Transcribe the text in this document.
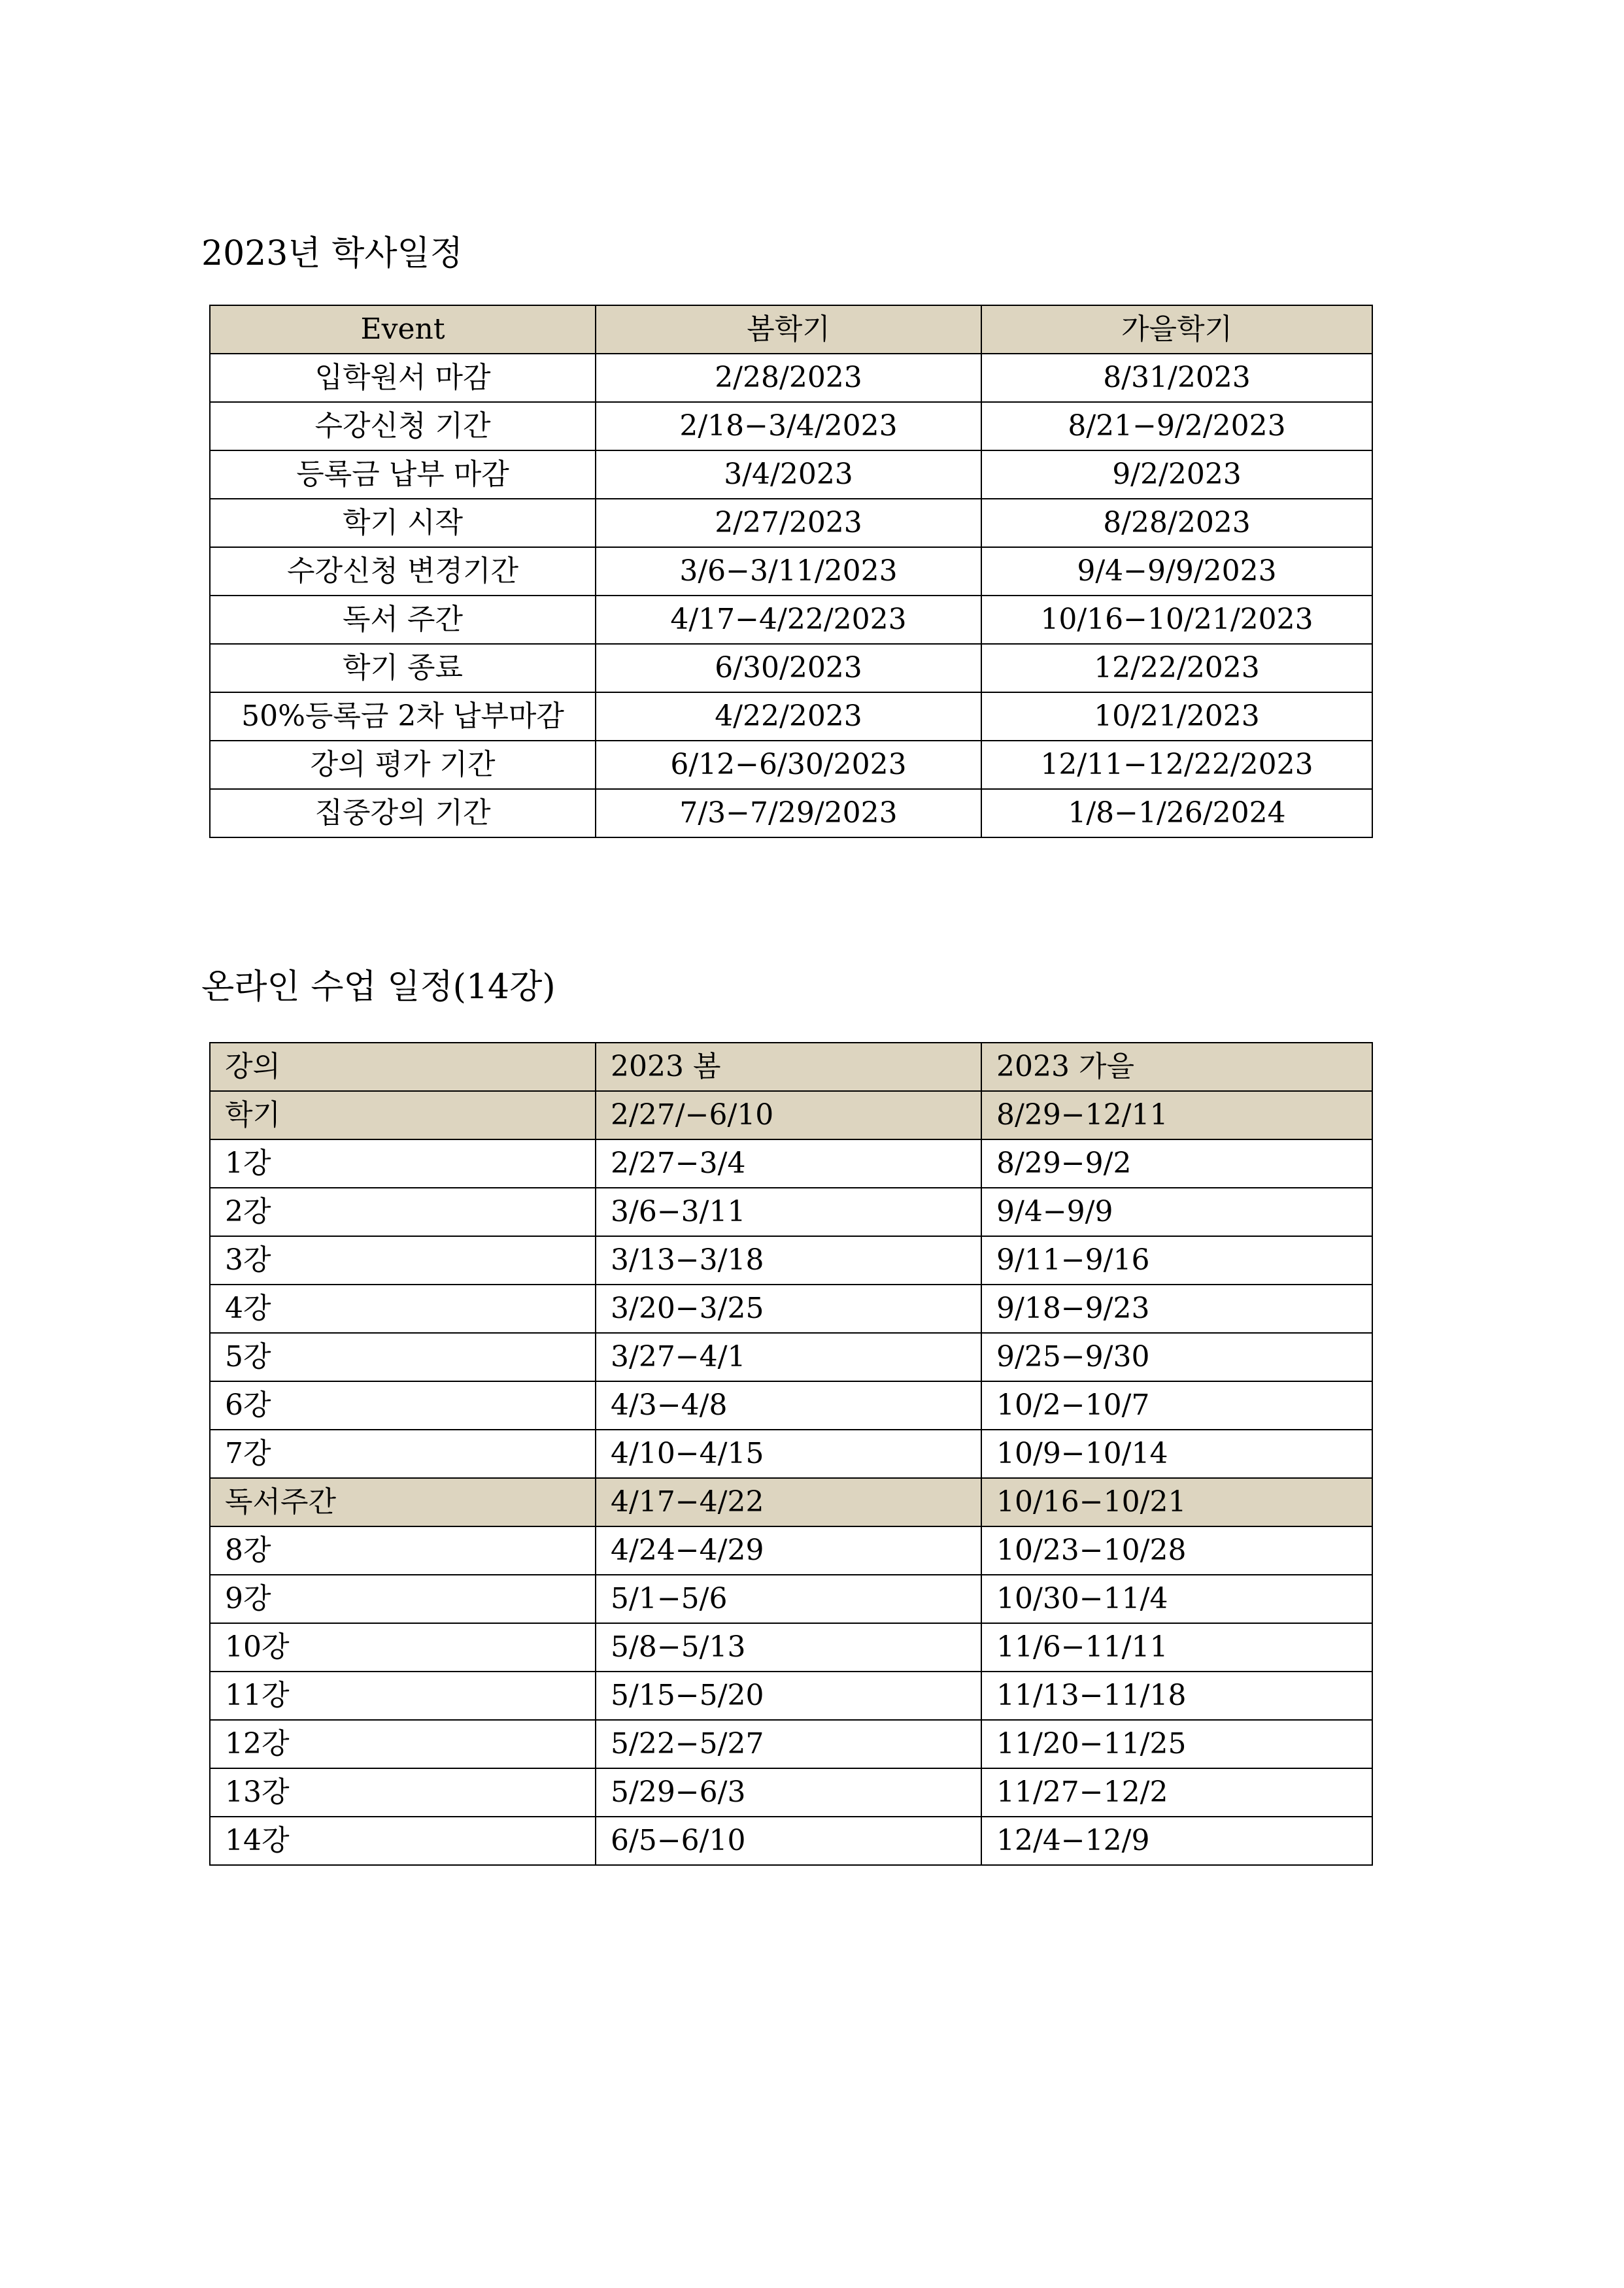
2023년 학사일정
Event	봄학기	가을학기
입학원서 마감	2/28/2023	8/31/2023
수강신청 기간	2/18−3/4/2023	8/21−9/2/2023
등록금 납부 마감	3/4/2023	9/2/2023
학기 시작	2/27/2023	8/28/2023
수강신청 변경기간	3/6−3/11/2023	9/4−9/9/2023
독서 주간	4/17−4/22/2023	10/16−10/21/2023
학기 종료	6/30/2023	12/22/2023
50%등록금 2차 납부마감	4/22/2023	10/21/2023
강의 평가 기간	6/12−6/30/2023	12/11−12/22/2023
집중강의 기간	7/3−7/29/2023	1/8−1/26/2024
온라인 수업 일정(14강)
강의	2023 봄	2023 가을
학기	2/27/−6/10	8/29−12/11
1강	2/27−3/4	8/29−9/2
2강	3/6−3/11	9/4−9/9
3강	3/13−3/18	9/11−9/16
4강	3/20−3/25	9/18−9/23
5강	3/27−4/1	9/25−9/30
6강	4/3−4/8	10/2−10/7
7강	4/10−4/15	10/9−10/14
독서주간	4/17−4/22	10/16−10/21
8강	4/24−4/29	10/23−10/28
9강	5/1−5/6	10/30−11/4
10강	5/8−5/13	11/6−11/11
11강	5/15−5/20	11/13−11/18
12강	5/22−5/27	11/20−11/25
13강	5/29−6/3	11/27−12/2
14강	6/5−6/10	12/4−12/9
